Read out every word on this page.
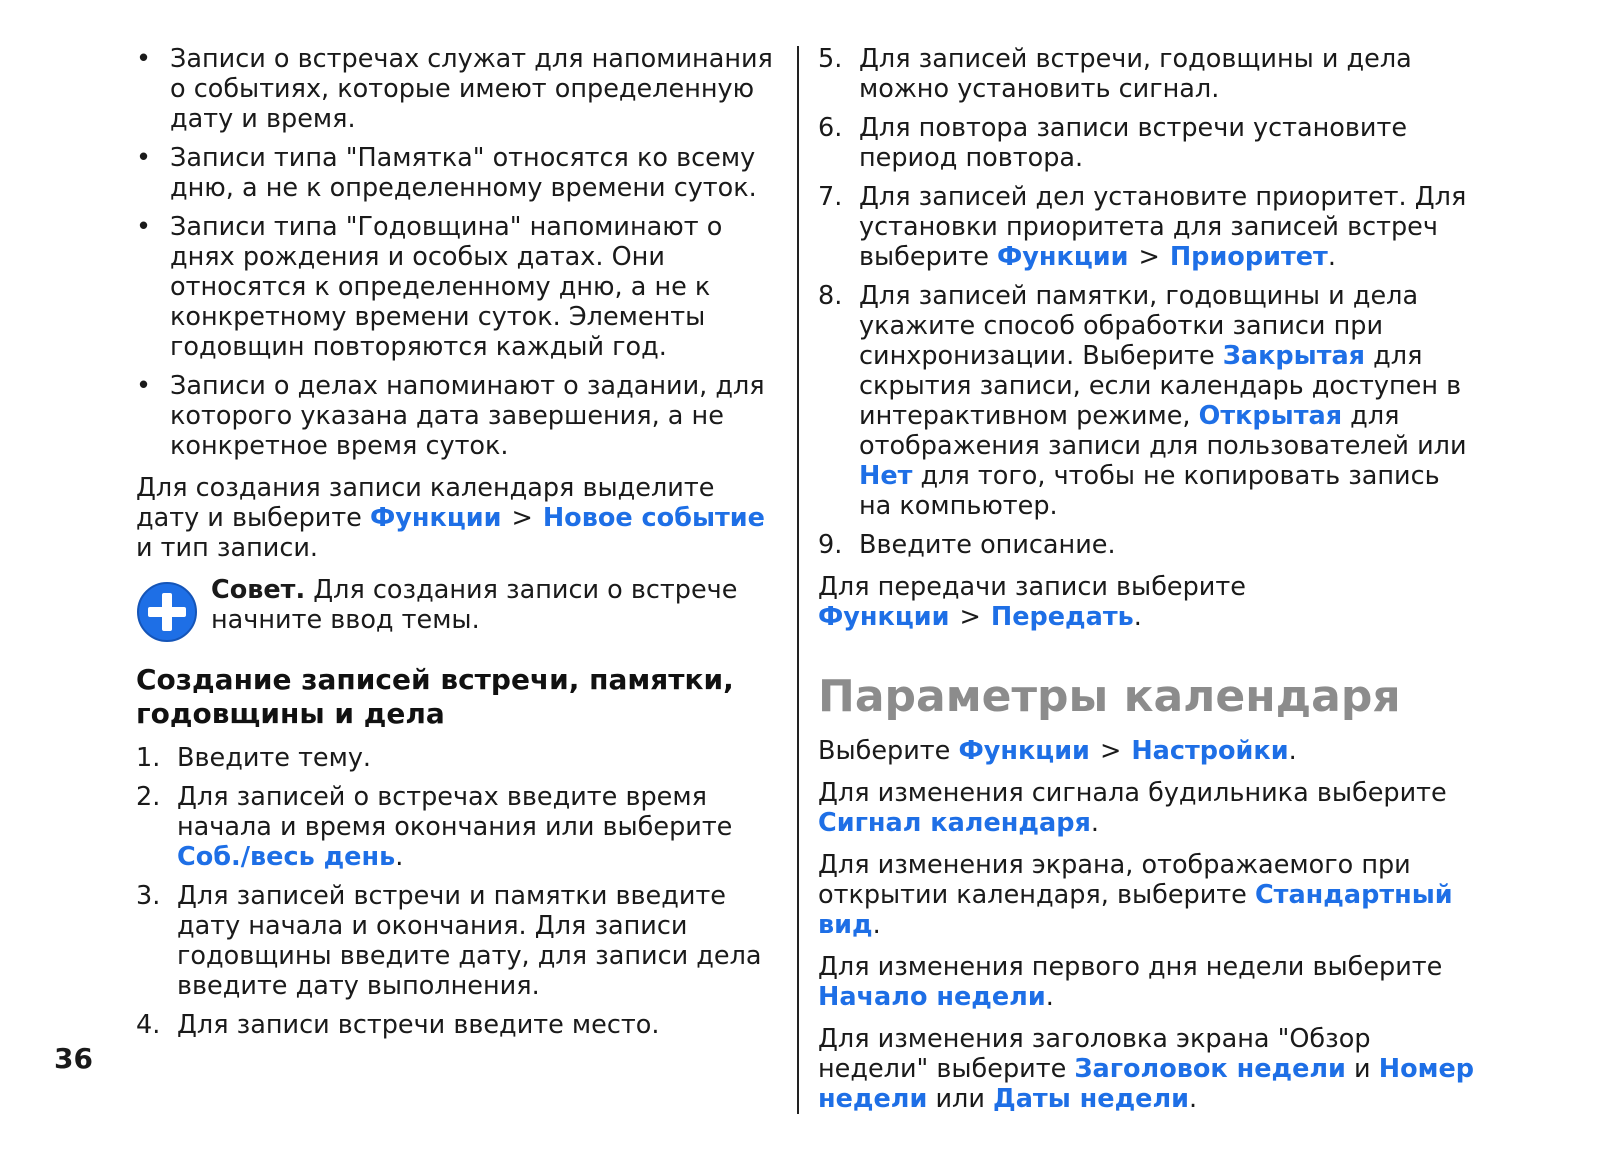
• Записи о встречах служат для напоминания о событиях, которые имеют определенную дату и время.
• Записи типа "Памятка" относятся ко всему дню, а не к определенному времени суток.
• Записи типа "Годовщина" напоминают о днях рождения и особых датах. Они относятся к определенному дню, а не к конкретному времени суток. Элементы годовщин повторяются каждый год.
• Записи о делах напоминают о задании, для которого указана дата завершения, а не конкретное время суток.

Для создания записи календаря выделите дату и выберите Функции > Новое событие и тип записи.

Совет. Для создания записи о встрече начните ввод темы.
Создание записей встречи, памятки, годовщины и дела
1. Введите тему.
2. Для записей о встречах введите время начала и время окончания или выберите Соб./весь день.
3. Для записей встречи и памятки введите дату начала и окончания. Для записи годовщины введите дату, для записи дела введите дату выполнения.
4. Для записи встречи введите место.
5. Для записей встречи, годовщины и дела можно установить сигнал.
6. Для повтора записи встречи установите период повтора.
7. Для записей дел установите приоритет. Для установки приоритета для записей встреч выберите Функции > Приоритет.
8. Для записей памятки, годовщины и дела укажите способ обработки записи при синхронизации. Выберите Закрытая для скрытия записи, если календарь доступен в интерактивном режиме, Открытая для отображения записи для пользователей или Нет для того, чтобы не копировать запись на компьютер.
9. Введите описание.

Для передачи записи выберите Функции > Передать.

Параметры календаря

Выберите Функции > Настройки.

Для изменения сигнала будильника выберите Сигнал календаря.

Для изменения экрана, отображаемого при открытии календаря, выберите Стандартный вид.

Для изменения первого дня недели выберите Начало недели.

Для изменения заголовка экрана "Обзор недели" выберите Заголовок недели и Номер недели или Даты недели.

36
